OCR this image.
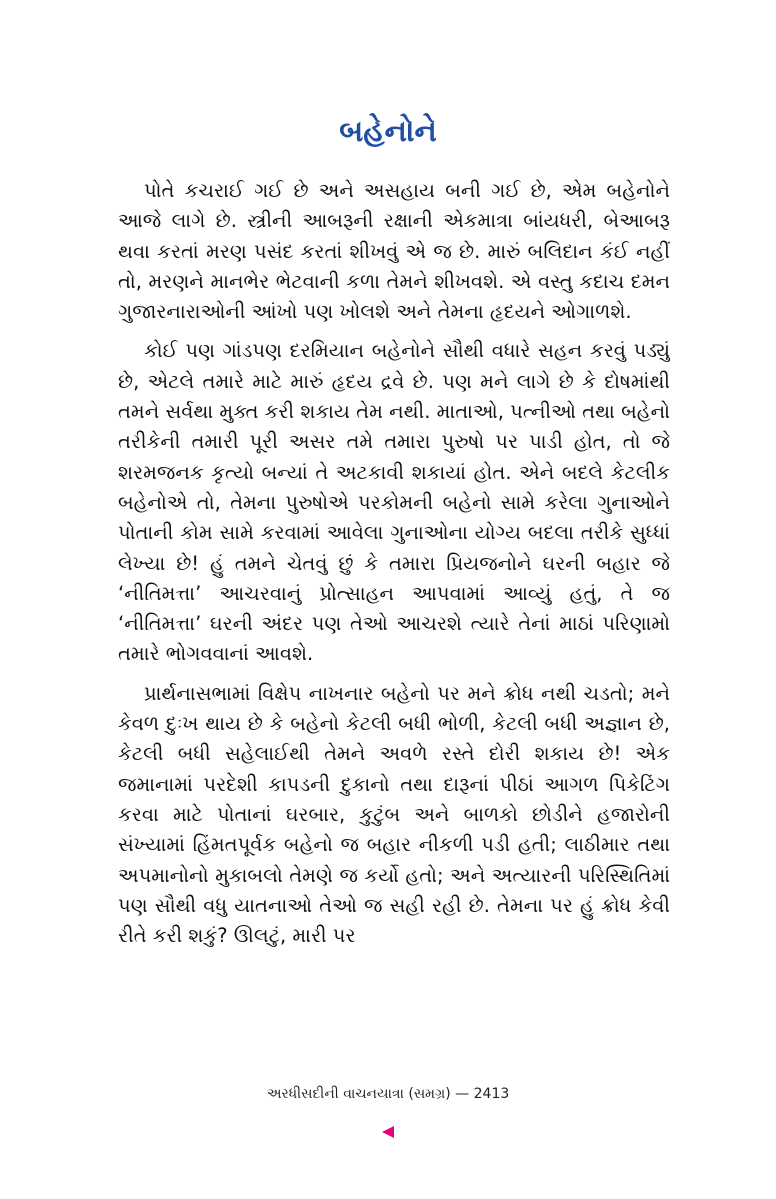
બહેનોને

પોતે કચરાઈ ગઈ છે અને અસહાય બની ગઈ છે, એમ બહેનોને આજે લાગે છે. સ્ત્રીની આબરૂની રક્ષાની એકમાત્રા બાંયધરી, બેઆબરૂ થવા કરતાં મરણ પસંદ કરતાં શીખવું એ જ છે. મારું બલિદાન કંઈ નહીં તો, મરણને માનભેર ભેટવાની કળા તેમને શીખવશે. એ વસ્તુ કદાચ દમન ગુજારનારાઓની આંખો પણ ખોલશે અને તેમના હૃદયને ઓગાળશે.

કોઈ પણ ગાંડપણ દરમિયાન બહેનોને સૌથી વધારે સહન કરવું પડ્યું છે, એટલે તમારે માટે મારું હૃદય દ્રવે છે. પણ મને લાગે છે કે દોષમાંથી તમને સર્વથા મુક્ત કરી શકાય તેમ નથી. માતાઓ, પત્નીઓ તથા બહેનો તરીકેની તમારી પૂરી અસર તમે તમારા પુરુષો પર પાડી હોત, તો જે શરમજનક કૃત્યો બન્યાં તે અટકાવી શકાયાં હોત. એને બદલે કેટલીક બહેનોએ તો, તેમના પુરુષોએ પરકોમની બહેનો સામે કરેલા ગુનાઓને પોતાની કોમ સામે કરવામાં આવેલા ગુનાઓના યોગ્ય બદલા તરીકે સુધ્ધાં લેખ્યા છે! હું તમને ચેતવું છું કે તમારા પ્રિયજનોને ઘરની બહાર જે ‘નીતિમત્તા’ આચરવાનું પ્રોત્સાહન આપવામાં આવ્યું હતું, તે જ ‘નીતિમત્તા’ ઘરની અંદર પણ તેઓ આચરશે ત્યારે તેનાં માઠાં પરિણામો તમારે ભોગવવાનાં આવશે.

પ્રાર્થનાસભામાં વિક્ષેપ નાખનાર બહેનો પર મને ક્રોધ નથી ચડતો; મને કેવળ દુઃખ થાય છે કે બહેનો કેટલી બધી ભોળી, કેટલી બધી અજ્ઞાન છે, કેટલી બધી સહેલાઈથી તેમને અવળે રસ્તે દોરી શકાય છે! એક જમાનામાં પરદેશી કાપડની દુકાનો તથા દારૂનાં પીઠાં આગળ પિકેટિંગ કરવા માટે પોતાનાં ઘરબાર, કુટુંબ અને બાળકો છોડીને હજારોની સંખ્યામાં હિંમતપૂર્વક બહેનો જ બહાર નીકળી પડી હતી; લાઠીમાર તથા અપમાનોનો મુકાબલો તેમણે જ કર્યો હતો; અને અત્યારની પરિસ્થિતિમાં પણ સૌથી વધુ યાતનાઓ તેઓ જ સહી રહી છે. તેમના પર હું ક્રોધ કેવી રીતે કરી શકું? ઊલટું, મારી પર

અરધીસદીની વાચનયાત્રા (સમગ્ર) — 2413
